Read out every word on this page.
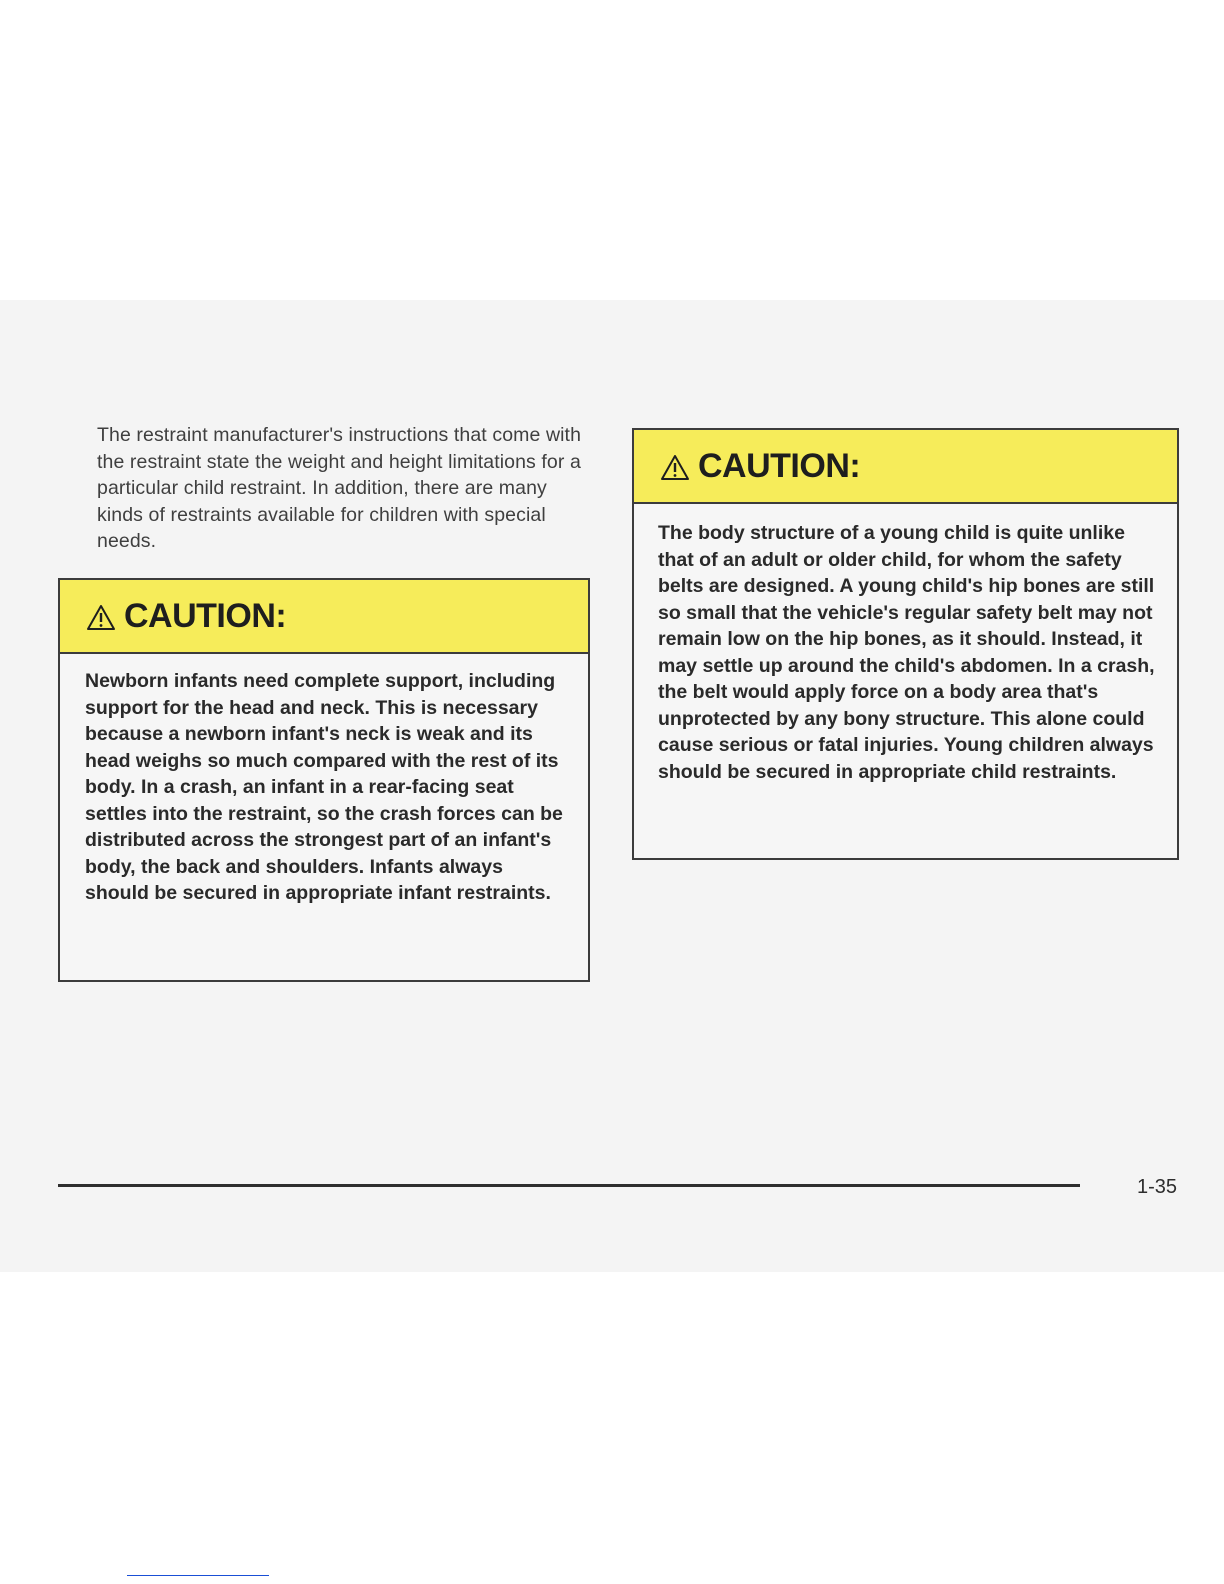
The restraint manufacturer's instructions that come with the restraint state the weight and height limitations for a particular child restraint. In addition, there are many kinds of restraints available for children with special needs.

CAUTION:

Newborn infants need complete support, including support for the head and neck. This is necessary because a newborn infant's neck is weak and its head weighs so much compared with the rest of its body. In a crash, an infant in a rear-facing seat settles into the restraint, so the crash forces can be distributed across the strongest part of an infant's body, the back and shoulders. Infants always should be secured in appropriate infant restraints.

CAUTION:

The body structure of a young child is quite unlike that of an adult or older child, for whom the safety belts are designed. A young child's hip bones are still so small that the vehicle's regular safety belt may not remain low on the hip bones, as it should. Instead, it may settle up around the child's abdomen. In a crash, the belt would apply force on a body area that's unprotected by any bony structure. This alone could cause serious or fatal injuries. Young children always should be secured in appropriate child restraints.

1-35
